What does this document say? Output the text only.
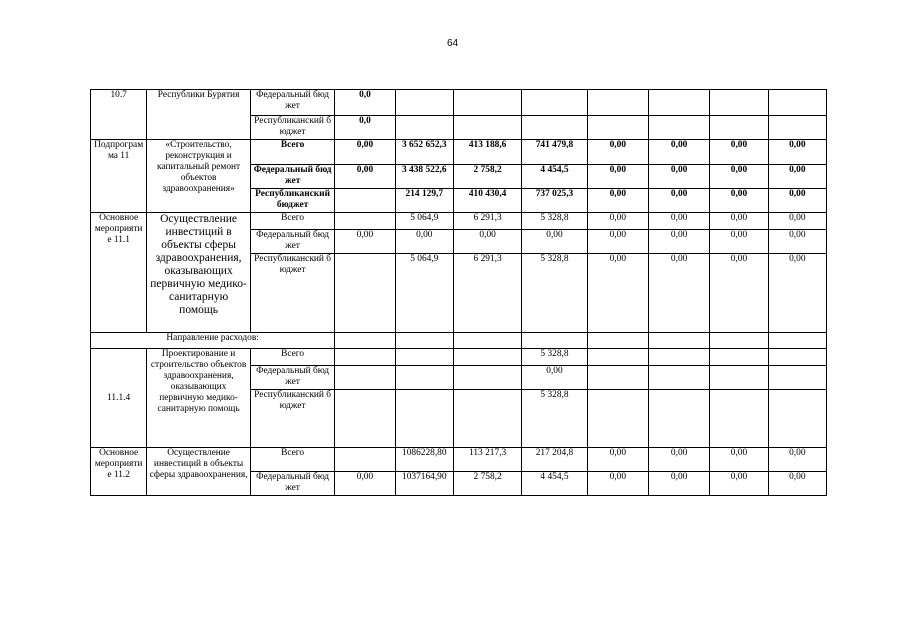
64
10.7	Республики Бурятия	Федеральный бюджет	0,0							
		Республиканский бюджет	0,0							
Подпрограмма 11	«Строительство, реконструкция и капитальный ремонт объектов здравоохранения»	Всего	0,00	3 652 652,3	413 188,6	741 479,8	0,00	0,00	0,00	0,00
		Федеральный бюджет	0,00	3 438 522,6	2 758,2	4 454,5	0,00	0,00	0,00	0,00
		Республиканский бюджет		214 129,7	410 430,4	737 025,3	0,00	0,00	0,00	0,00
Основное мероприятие 11.1	Осуществление инвестиций в объекты сферы здравоохранения, оказывающих первичную медико-санитарную помощь	Всего		5 064,9	6 291,3	5 328,8	0,00	0,00	0,00	0,00
		Федеральный бюджет	0,00	0,00	0,00	0,00	0,00	0,00	0,00	0,00
		Республиканский бюджет		5 064,9	6 291,3	5 328,8	0,00	0,00	0,00	0,00
Направление расходов:										
11.1.4	Проектирование и строительство объектов здравоохранения, оказывающих первичную медико-санитарную помощь	Всего				5 328,8				
		Федеральный бюджет				0,00				
		Республиканский бюджет				5 328,8				
Основное мероприятие 11.2	Осуществление инвестиций в объекты сферы здравоохранения,	Всего		1086228,80	113 217,3	217 204,8	0,00	0,00	0,00	0,00
		Федеральный бюджет	0,00	1037164,90	2 758,2	4 454,5	0,00	0,00	0,00	0,00
